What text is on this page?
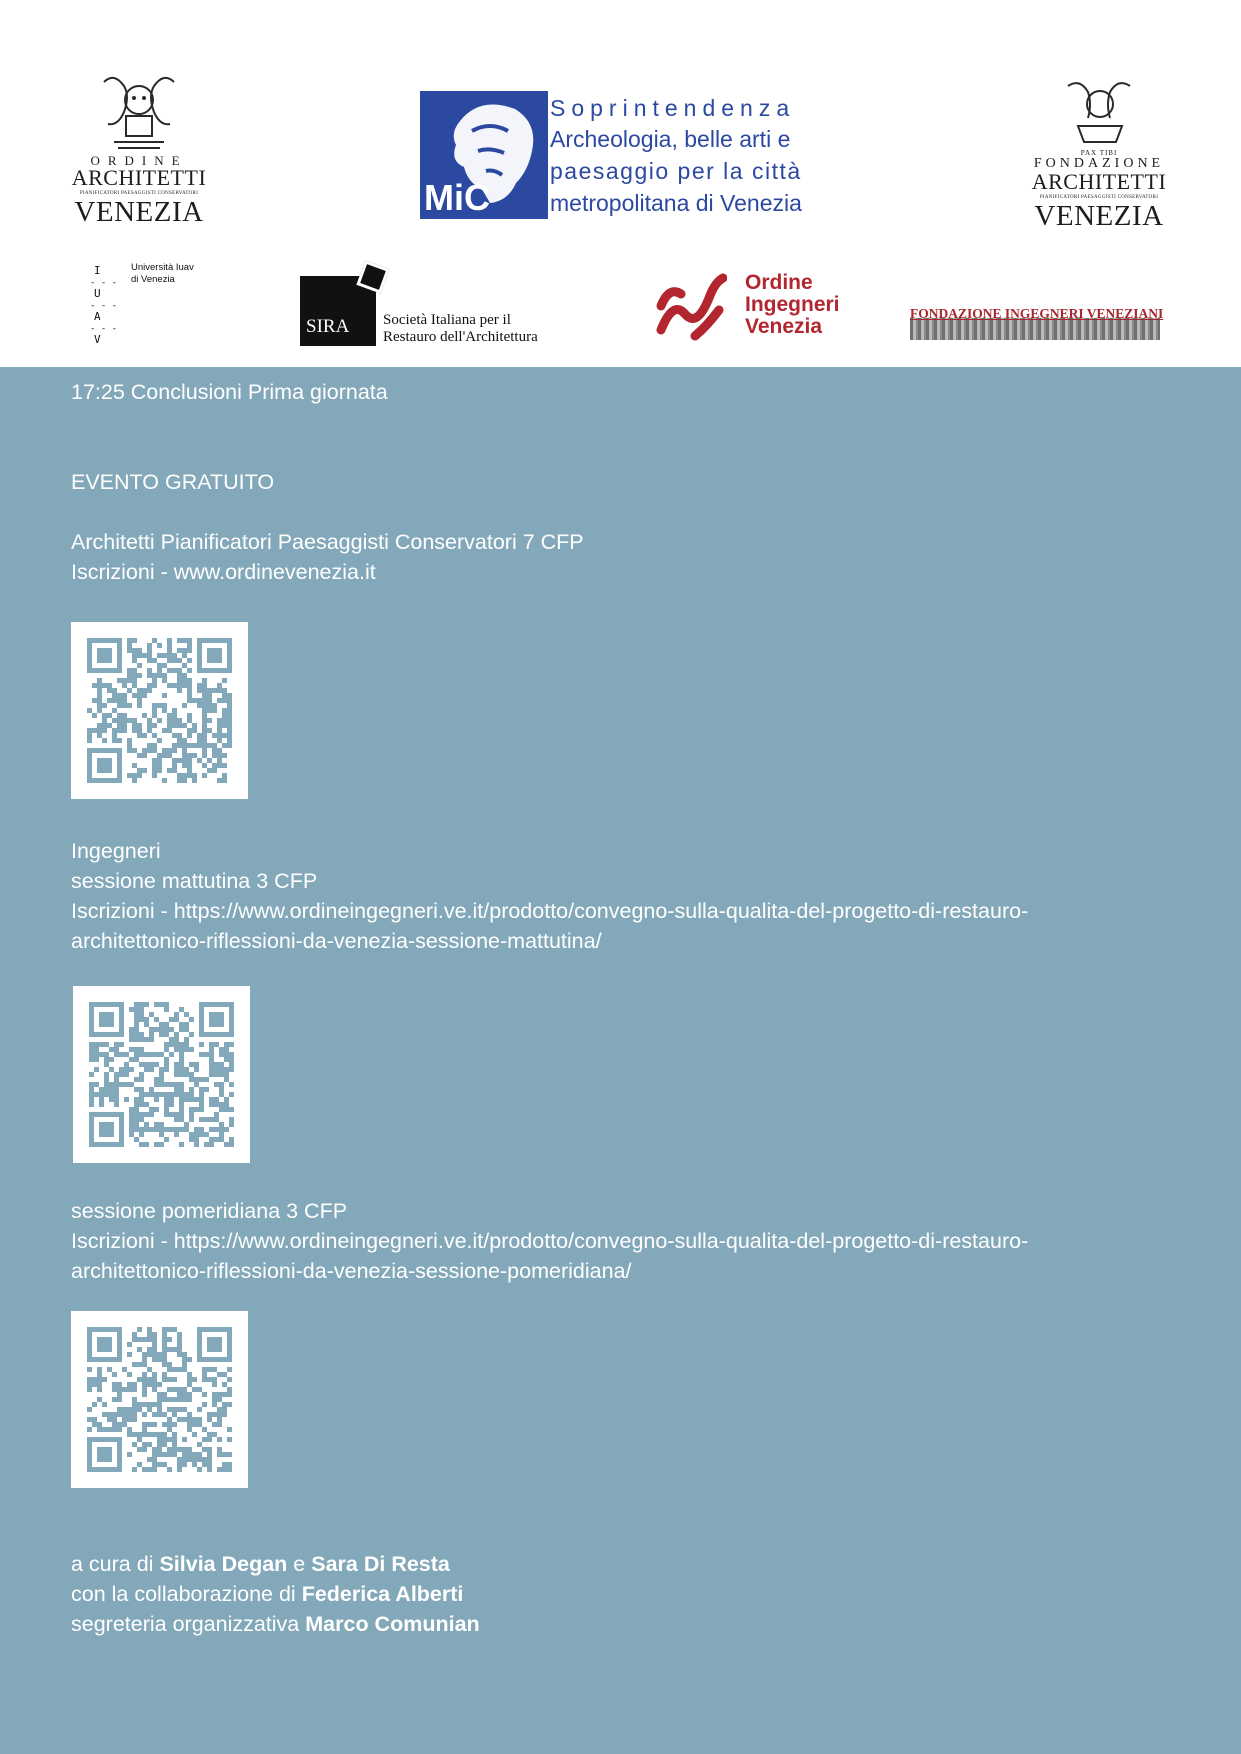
ORDINE
ARCHITETTI
PIANIFICATORI PAESAGGISTI CONSERVATORI
VENEZIA	MiC
Soprintendenza
Archeologia, belle arti e
paesaggio per la città
metropolitana di Venezia
PAX TIBI
FONDAZIONE
ARCHITETTI
PIANIFICATORI PAESAGGISTI CONSERVATORI
VENEZIA
I
- - -
U
- - -
A
- - -
V
Università Iuav
di Venezia
SIRA Società Italiana per il
Restauro dell'Architettura
Ordine
Ingegneri
Venezia
FONDAZIONE INGEGNERI VENEZIANI
17:25 Conclusioni Prima giornata
EVENTO GRATUITO
Architetti Pianificatori Paesaggisti Conservatori 7 CFP
Iscrizioni - www.ordinevenezia.it
Ingegneri
sessione mattutina 3 CFP
Iscrizioni - https://www.ordineingegneri.ve.it/prodotto/convegno-sulla-qualita-del-progetto-di-restauro-
architettonico-riflessioni-da-venezia-sessione-mattutina/
sessione pomeridiana 3 CFP
Iscrizioni - https://www.ordineingegneri.ve.it/prodotto/convegno-sulla-qualita-del-progetto-di-restauro-
architettonico-riflessioni-da-venezia-sessione-pomeridiana/
a cura di Silvia Degan e Sara Di Resta
con la collaborazione di Federica Alberti
segreteria organizzativa Marco Comunian
